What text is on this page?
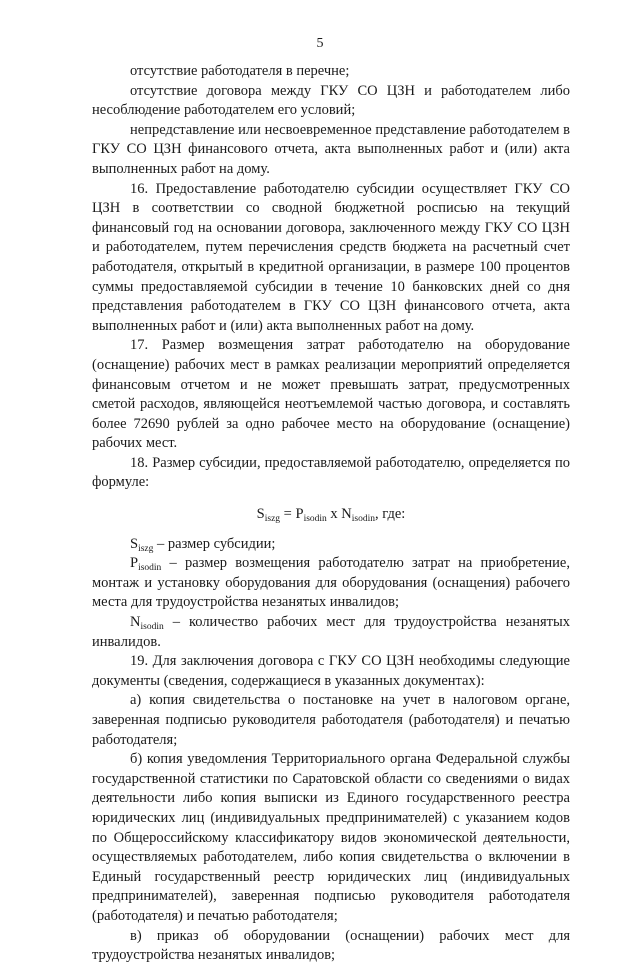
5

отсутствие работодателя в перечне;

отсутствие договора между ГКУ СО ЦЗН и работодателем либо несоблюдение работодателем его условий;

непредставление или несвоевременное представление работодателем в ГКУ СО ЦЗН финансового отчета, акта выполненных работ и (или) акта выполненных работ на дому.

16. Предоставление работодателю субсидии осуществляет ГКУ СО ЦЗН в соответствии со сводной бюджетной росписью на текущий финансовый год на основании договора, заключенного между ГКУ СО ЦЗН и работодателем, путем перечисления средств бюджета на расчетный счет работодателя, открытый в кредитной организации, в размере 100 процентов суммы предоставляемой субсидии в течение 10 банковских дней со дня представления работодателем в ГКУ СО ЦЗН финансового отчета, акта выполненных работ и (или) акта выполненных работ на дому.

17. Размер возмещения затрат работодателю на оборудование (оснащение) рабочих мест в рамках реализации мероприятий определяется финансовым отчетом и не может превышать затрат, предусмотренных сметой расходов, являющейся неотъемлемой частью договора, и составлять более 72690 рублей за одно рабочее место на оборудование (оснащение) рабочих мест.

18. Размер субсидии, предоставляемой работодателю, определяется по формуле:

$S_{iszg} = P_{isodin}$ x $N_{isodin}$, где:

$S_{iszg}$ – размер субсидии;

$P_{isodin}$ – размер возмещения работодателю затрат на приобретение, монтаж и установку оборудования для оборудования (оснащения) рабочего места для трудоустройства незанятых инвалидов;

$N_{isodin}$ – количество рабочих мест для трудоустройства незанятых инвалидов.

19. Для заключения договора с ГКУ СО ЦЗН необходимы следующие документы (сведения, содержащиеся в указанных документах):

а) копия свидетельства о постановке на учет в налоговом органе, заверенная подписью руководителя работодателя (работодателя) и печатью работодателя;

б) копия уведомления Территориального органа Федеральной службы государственной статистики по Саратовской области со сведениями о видах деятельности либо копия выписки из Единого государственного реестра юридических лиц (индивидуальных предпринимателей) с указанием кодов по Общероссийскому классификатору видов экономической деятельности, осуществляемых работодателем, либо копия свидетельства о включении в Единый государственный реестр юридических лиц (индивидуальных предпринимателей), заверенная подписью руководителя работодателя (работодателя) и печатью работодателя;

в) приказ об оборудовании (оснащении) рабочих мест для трудоустройства незанятых инвалидов;
